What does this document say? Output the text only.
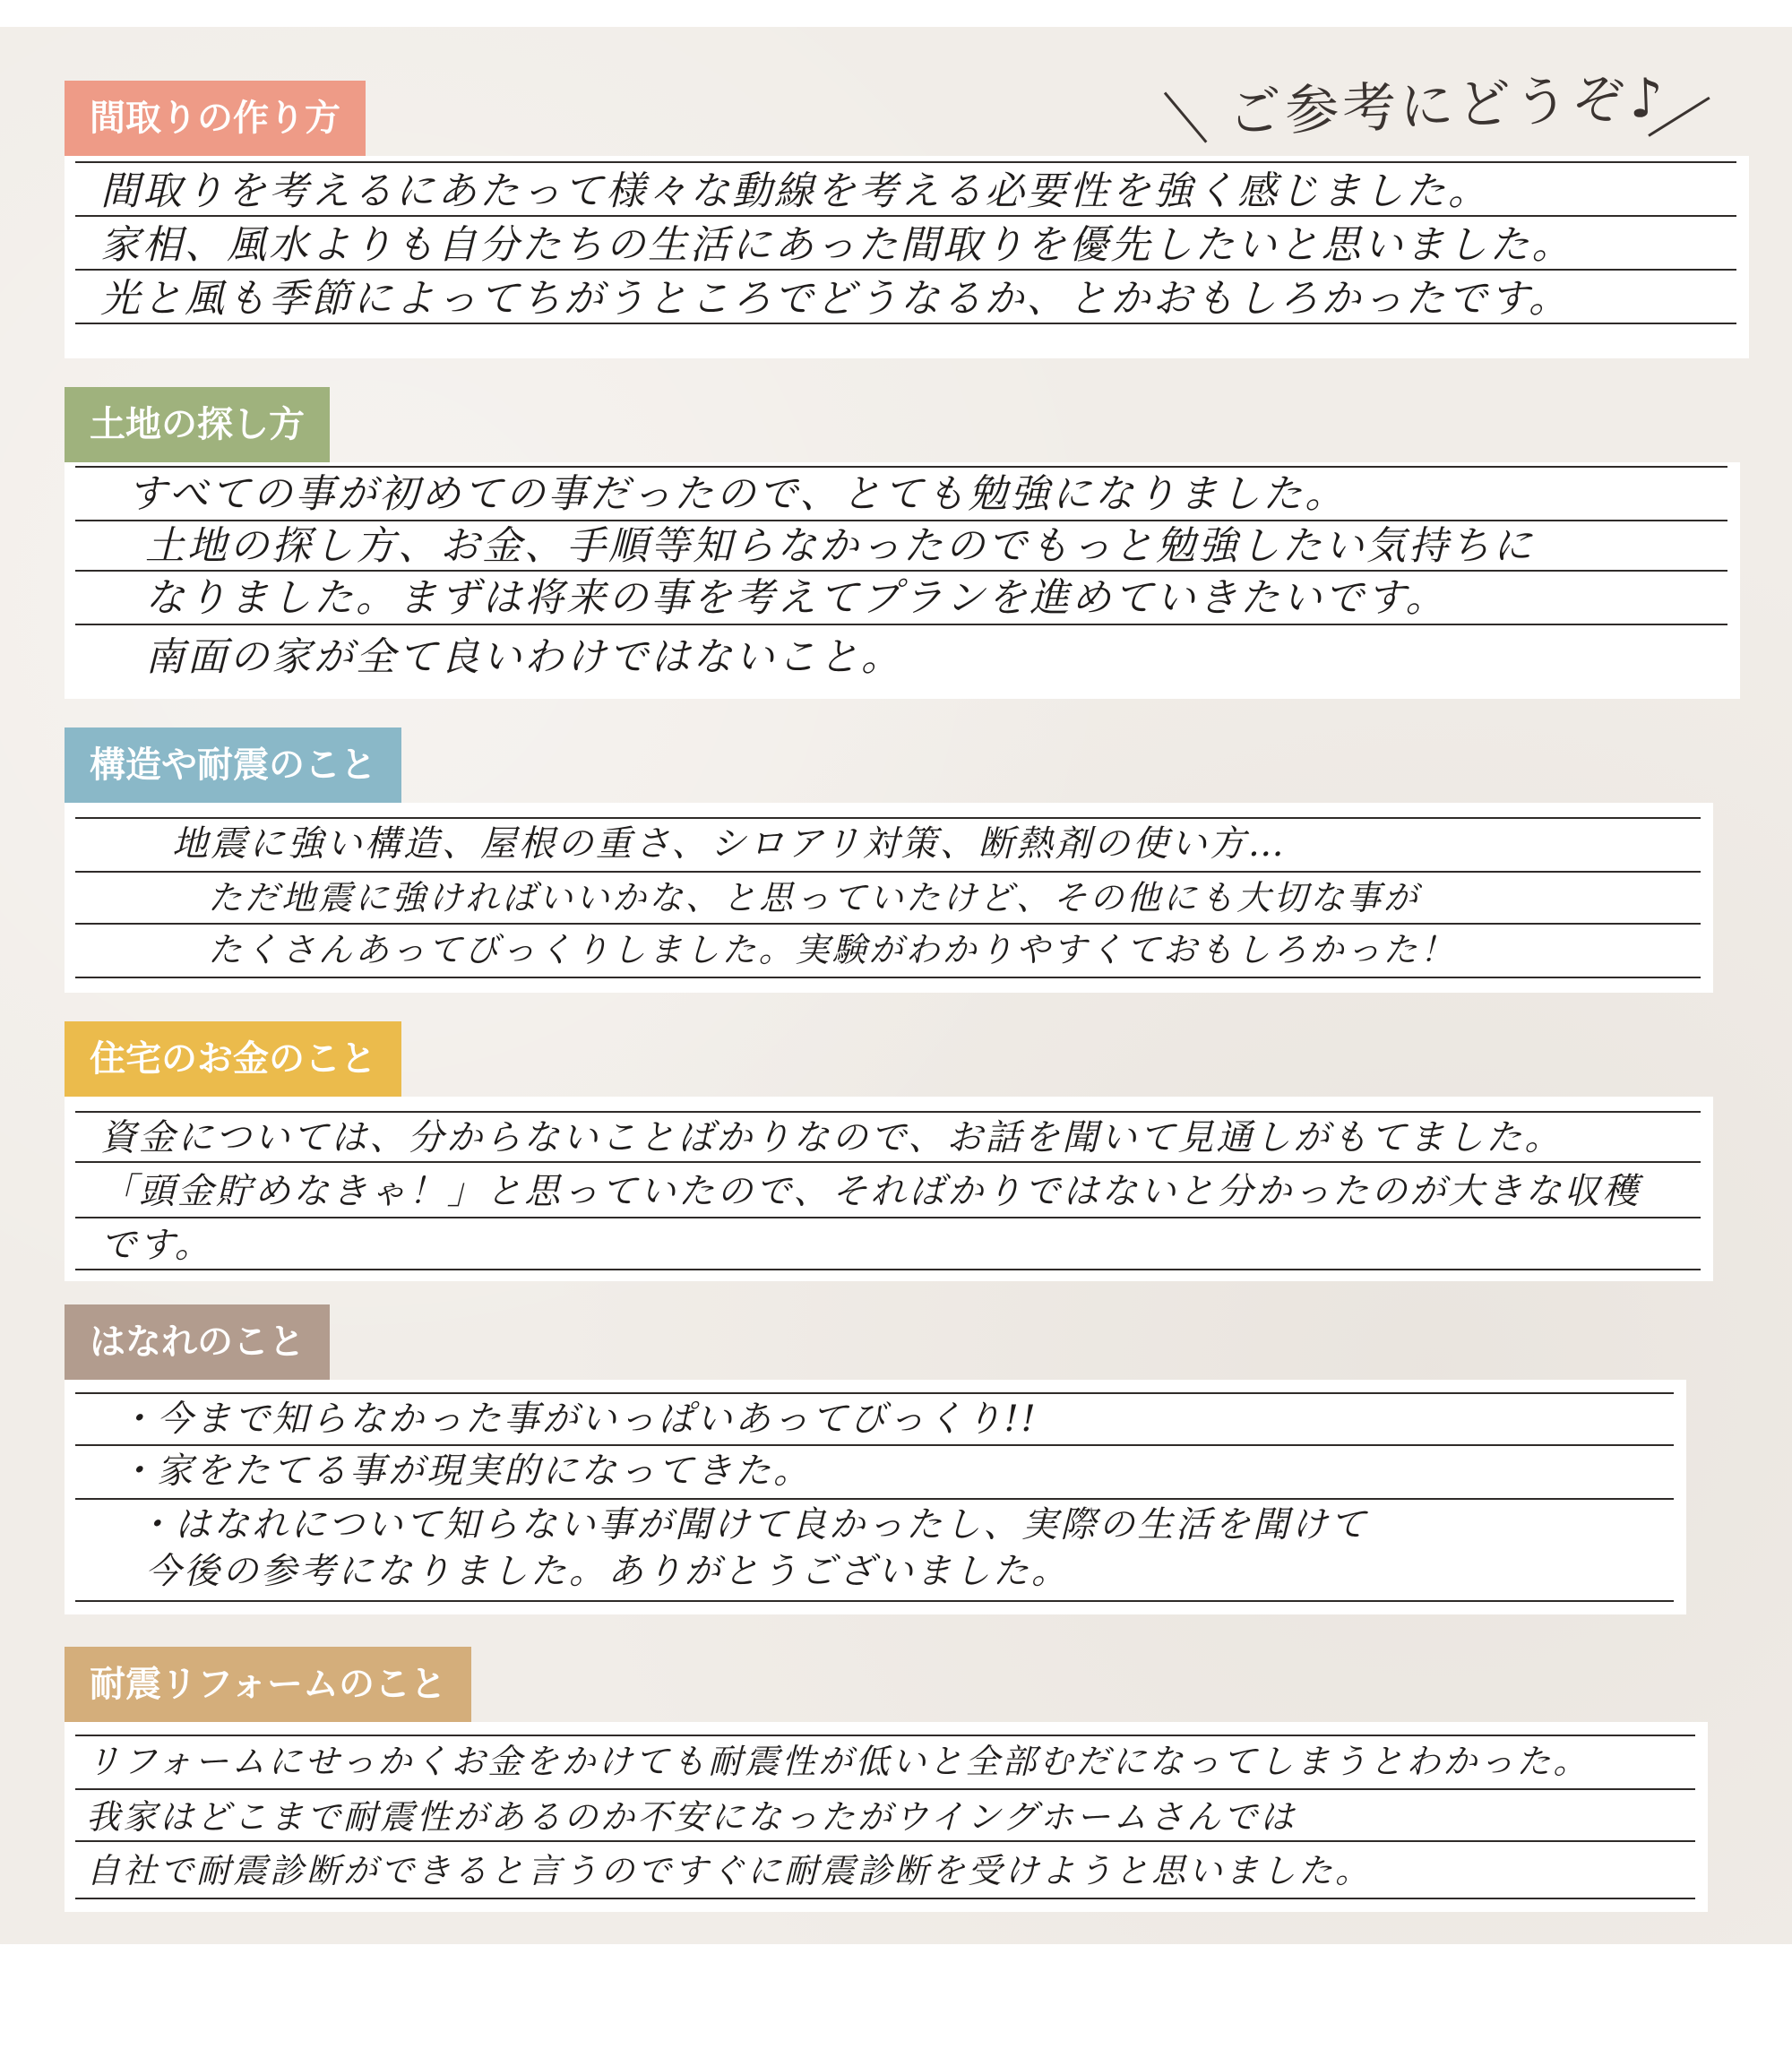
ご参考にどうぞ♪
間取りの作り方
間取りを考えるにあたって様々な動線を考える必要性を強く感じました。
家相、風水よりも自分たちの生活にあった間取りを優先したいと思いました。
光と風も季節によってちがうところでどうなるか、とかおもしろかったです。
土地の探し方
すべての事が初めての事だったので、とても勉強になりました。
土地の探し方、お金、手順等知らなかったのでもっと勉強したい気持ちに
なりました。まずは将来の事を考えてプランを進めていきたいです。
南面の家が全て良いわけではないこと。
構造や耐震のこと
地震に強い構造、屋根の重さ、シロアリ対策、断熱剤の使い方…
ただ地震に強ければいいかな、と思っていたけど、その他にも大切な事が
たくさんあってびっくりしました。実験がわかりやすくておもしろかった！
住宅のお金のこと
資金については、分からないことばかりなので、お話を聞いて見通しがもてました。
「頭金貯めなきゃ！」と思っていたので、そればかりではないと分かったのが大きな収穫
です。
はなれのこと
・今まで知らなかった事がいっぱいあってびっくり!!
・家をたてる事が現実的になってきた。
・はなれについて知らない事が聞けて良かったし、実際の生活を聞けて
今後の参考になりました。ありがとうございました。
耐震リフォームのこと
リフォームにせっかくお金をかけても耐震性が低いと全部むだになってしまうとわかった。
我家はどこまで耐震性があるのか不安になったがウイングホームさんでは
自社で耐震診断ができると言うのですぐに耐震診断を受けようと思いました。
